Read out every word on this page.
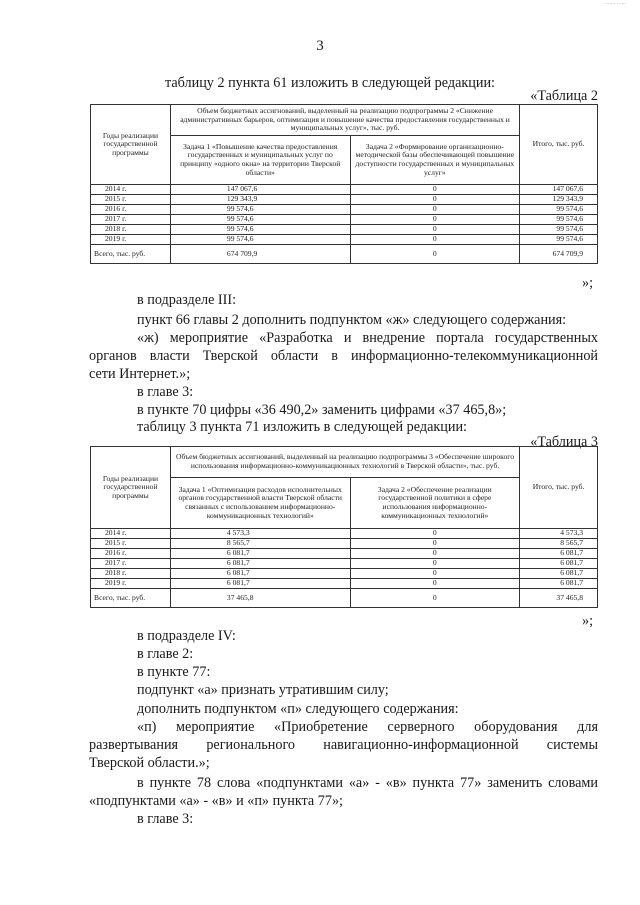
....... .. ...
3
таблицу 2 пункта 61 изложить в следующей редакции:
«Таблица 2
Годы реализации государственной программы	Объем бюджетных ассигнований, выделенный на реализацию подпрограммы 2 «Снижение административных барьеров, оптимизация и повышение качества предоставления государственных и муниципальных услуг», тыс. руб.		Итого, тыс. руб.
	Задача 1 «Повышение качества предоставления государственных и муниципальных услуг по принципу «одного окна» на территории Тверской области»	Задача 2 «Формирование организационно-методической базы обеспечивающей повышение доступности государственных и муниципальных услуг»	
2014 г.	147 067,6	0	147 067,6
2015 г.	129 343,9	0	129 343,9
2016 г.	99 574,6	0	99 574,6
2017 г.	99 574,6	0	99 574,6
2018 г.	99 574,6	0	99 574,6
2019 г.	99 574,6	0	99 574,6
Всего, тыс. руб.	674 709,9	0	674 709,9
»;
в подразделе III:
пункт 66 главы 2 дополнить подпунктом «ж» следующего содержания:
«ж) мероприятие «Разработка и внедрение портала государственных
органов власти Тверской области в информационно-телекоммуникационной
сети Интернет.»;
в главе 3:
в пункте 70 цифры «36 490,2» заменить цифрами «37 465,8»;
таблицу 3 пункта 71 изложить в следующей редакции:
«Таблица 3
Годы реализации государственной программы	Объем бюджетных ассигнований, выделенный на реализацию подпрограммы 3 «Обеспечение широкого использования информационно-коммуникационных технологий в Тверской области», тыс. руб.		Итого, тыс. руб.
	Задача 1 «Оптимизация расходов исполнительных органов государственной власти Тверской области связанных с использованием информационно-коммуникационных технологий»	Задача 2 «Обеспечение реализации государственной политики в сфере использования информационно-коммуникационных технологий»	
2014 г.	4 573,3	0	4 573,3
2015 г.	8 565,7	0	8 565,7
2016 г.	6 081,7	0	6 081,7
2017 г.	6 081,7	0	6 081,7
2018 г.	6 081,7	0	6 081,7
2019 г.	6 081,7	0	6 081,7
Всего, тыс. руб.	37 465,8	0	37 465,8
»;
в подразделе IV:
в главе 2:
в пункте 77:
подпункт «а» признать утратившим силу;
дополнить подпунктом «п» следующего содержания:
«п) мероприятие «Приобретение серверного оборудования для
развертывания регионального навигационно-информационной системы
Тверской области.»;
в пункте 78 слова «подпунктами «а» - «в» пункта 77» заменить словами
«подпунктами «а» - «в» и «п» пункта 77»;
в главе 3:
